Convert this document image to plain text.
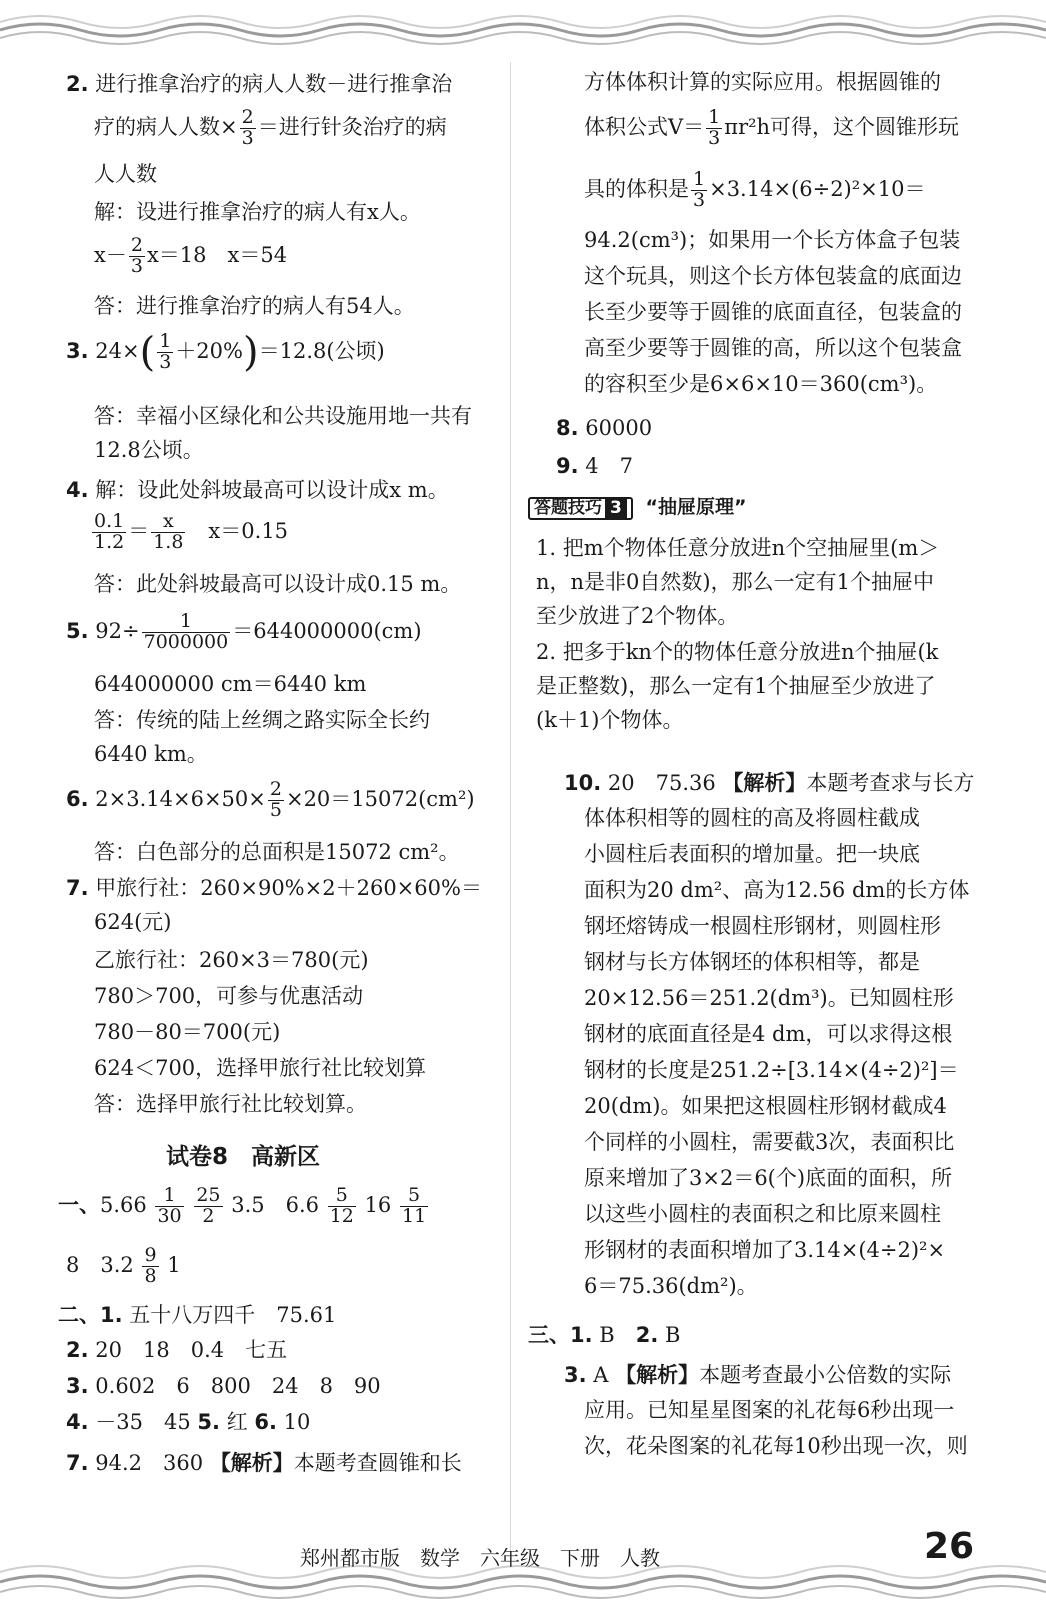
2. 进行推拿治疗的病人人数－进行推拿治
疗的病人人数× $\frac{2}{3}$ ＝进行针灸治疗的病
人人数
解：设进行推拿治疗的病人有x人。
$x- \frac{2}{3} x=18$　x＝54
答：进行推拿治疗的病人有54人。
3. $24\times( \frac{1}{3} +20\%)=12.8$(公顷)
答：幸福小区绿化和公共设施用地一共有
12.8公顷。
4. 解：设此处斜坡最高可以设计成x m。
$\frac{0.1}{1.2} = \frac{x}{1.8}$ 　x＝0.15
答：此处斜坡最高可以设计成0.15 m。
5. $92\div \frac{1}{7000000} =644000000(cm)$
644000000 cm＝6440 km
答：传统的陆上丝绸之路实际全长约
6440 km。
6. $2\times 3.14\times 6\times 50\times \frac{2}{5} \times 20=15072(cm^2)$
答：白色部分的总面积是15072 cm²。
7. 甲旅行社：260×90%×2＋260×60%＝
624(元)
乙旅行社：260×3＝780(元)
780＞700，可参与优惠活动
780－80＝700(元)
624＜700，选择甲旅行社比较划算
答：选择甲旅行社比较划算。
试卷8　高新区
一、$5.66 \frac{1}{30}$
$\frac{25}{2} 3.5$　$6.6 \frac{5}{12} 16 \frac{5}{11}$
8　$3.2 \frac{9}{8} 1$
二、1. 五十八万四千　75.61
2. 20　18　0.4　七五
3. 0.602　6　800　24　8　90
4. －35　45 5. 红 6. 10
7. 94.2　360 【解析】本题考查圆锥和长
方体体积计算的实际应用。根据圆锥的
体积公式$V= \frac{1}{3} \pi r^2h$可得，这个圆锥形玩
具的体积是 $\frac{1}{3} \times 3.14\times(6\div 2)^2\times 10=$
94.2(cm³)；如果用一个长方体盒子包装
这个玩具，则这个长方体包装盒的底面边
长至少要等于圆锥的底面直径，包装盒的
高至少要等于圆锥的高，所以这个包装盒
的容积至少是6×6×10＝360(cm³)。
8. 60000
9. 4　7
答题技巧 3 “抽屉原理”
1. 把m个物体任意分放进n个空抽屉里(m＞
n，n是非0自然数)，那么一定有1个抽屉中
至少放进了2个物体。
2. 把多于kn个的物体任意分放进n个抽屉(k
是正整数)，那么一定有1个抽屉至少放进了
(k＋1)个物体。
10. 20　75.36 【解析】本题考查求与长方
体体积相等的圆柱的高及将圆柱截成
小圆柱后表面积的增加量。把一块底
面积为20 dm²、高为12.56 dm的长方体
钢坯熔铸成一根圆柱形钢材，则圆柱形
钢材与长方体钢坯的体积相等，都是
20×12.56＝251.2(dm³)。已知圆柱形
钢材的底面直径是4 dm，可以求得这根
钢材的长度是251.2÷[3.14×(4÷2)²]＝
20(dm)。如果把这根圆柱形钢材截成4
个同样的小圆柱，需要截3次，表面积比
原来增加了3×2＝6(个)底面的面积，所
以这些小圆柱的表面积之和比原来圆柱
形钢材的表面积增加了3.14×(4÷2)²×
6＝75.36(dm²)。
三、1. B　 2. B
3. A 【解析】本题考查最小公倍数的实际
应用。已知星星图案的礼花每6秒出现一
次，花朵图案的礼花每10秒出现一次，则
郑州都市版　数学　六年级　下册　人教	26
